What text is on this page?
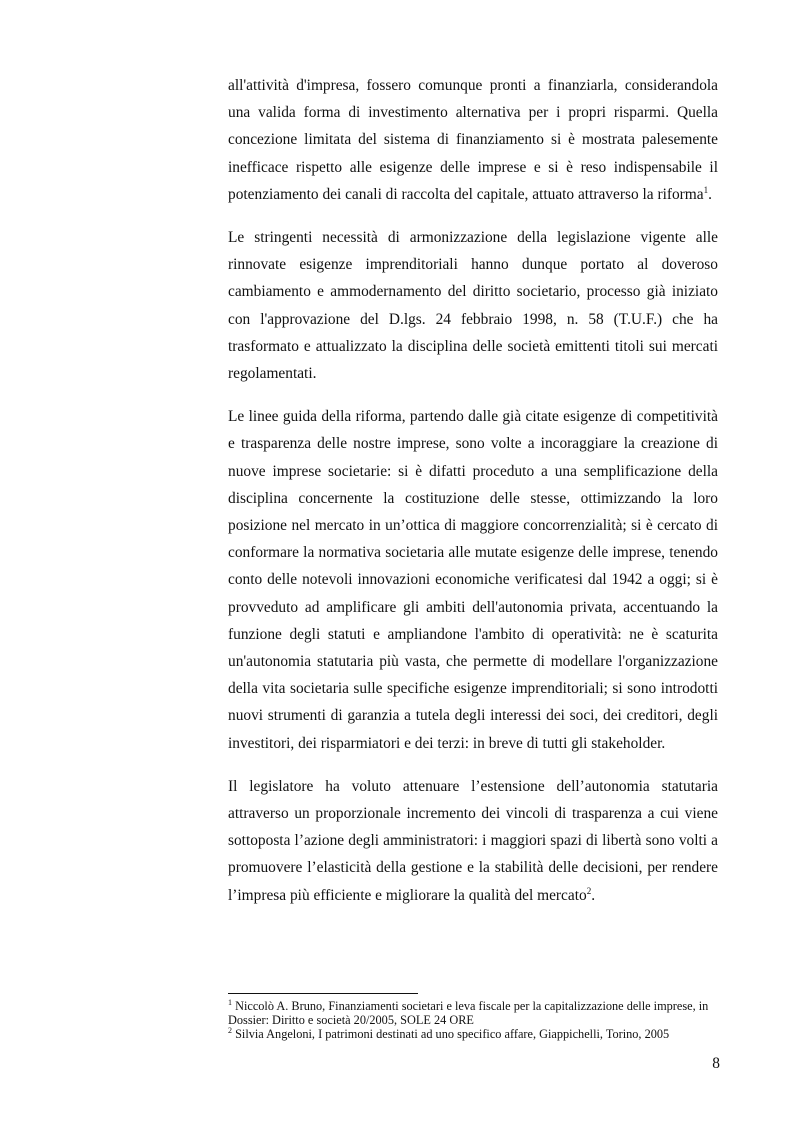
all'attività d'impresa, fossero comunque pronti a finanziarla, considerandola una valida forma di investimento alternativa per i propri risparmi. Quella concezione limitata del sistema di finanziamento si è mostrata palesemente inefficace rispetto alle esigenze delle imprese e si è reso indispensabile il potenziamento dei canali di raccolta del capitale, attuato attraverso la riforma$^1$.

Le stringenti necessità di armonizzazione della legislazione vigente alle rinnovate esigenze imprenditoriali hanno dunque portato al doveroso cambiamento e ammodernamento del diritto societario, processo già iniziato con l'approvazione del D.lgs. 24 febbraio 1998, n. 58 (T.U.F.) che ha trasformato e attualizzato la disciplina delle società emittenti titoli sui mercati regolamentati.

Le linee guida della riforma, partendo dalle già citate esigenze di competitività e trasparenza delle nostre imprese, sono volte a incoraggiare la creazione di nuove imprese societarie: si è difatti proceduto a una semplificazione della disciplina concernente la costituzione delle stesse, ottimizzando la loro posizione nel mercato in un’ottica di maggiore concorrenzialità; si è cercato di conformare la normativa societaria alle mutate esigenze delle imprese, tenendo conto delle notevoli innovazioni economiche verificatesi dal 1942 a oggi; si è provveduto ad amplificare gli ambiti dell'autonomia privata, accentuando la funzione degli statuti e ampliandone l'ambito di operatività: ne è scaturita un'autonomia statutaria più vasta, che permette di modellare l'organizzazione della vita societaria sulle specifiche esigenze imprenditoriali; si sono introdotti nuovi strumenti di garanzia a tutela degli interessi dei soci, dei creditori, degli investitori, dei risparmiatori e dei terzi: in breve di tutti gli stakeholder.

Il legislatore ha voluto attenuare l’estensione dell’autonomia statutaria attraverso un proporzionale incremento dei vincoli di trasparenza a cui viene sottoposta l’azione degli amministratori: i maggiori spazi di libertà sono volti a promuovere l’elasticità della gestione e la stabilità delle decisioni, per rendere l’impresa più efficiente e migliorare la qualità del mercato$^2$.

$^1$ Niccolò A. Bruno, Finanziamenti societari e leva fiscale per la capitalizzazione delle imprese, in Dossier: Diritto e società 20/2005, SOLE 24 ORE

$^2$ Silvia Angeloni, I patrimoni destinati ad uno specifico affare, Giappichelli, Torino, 2005

8
